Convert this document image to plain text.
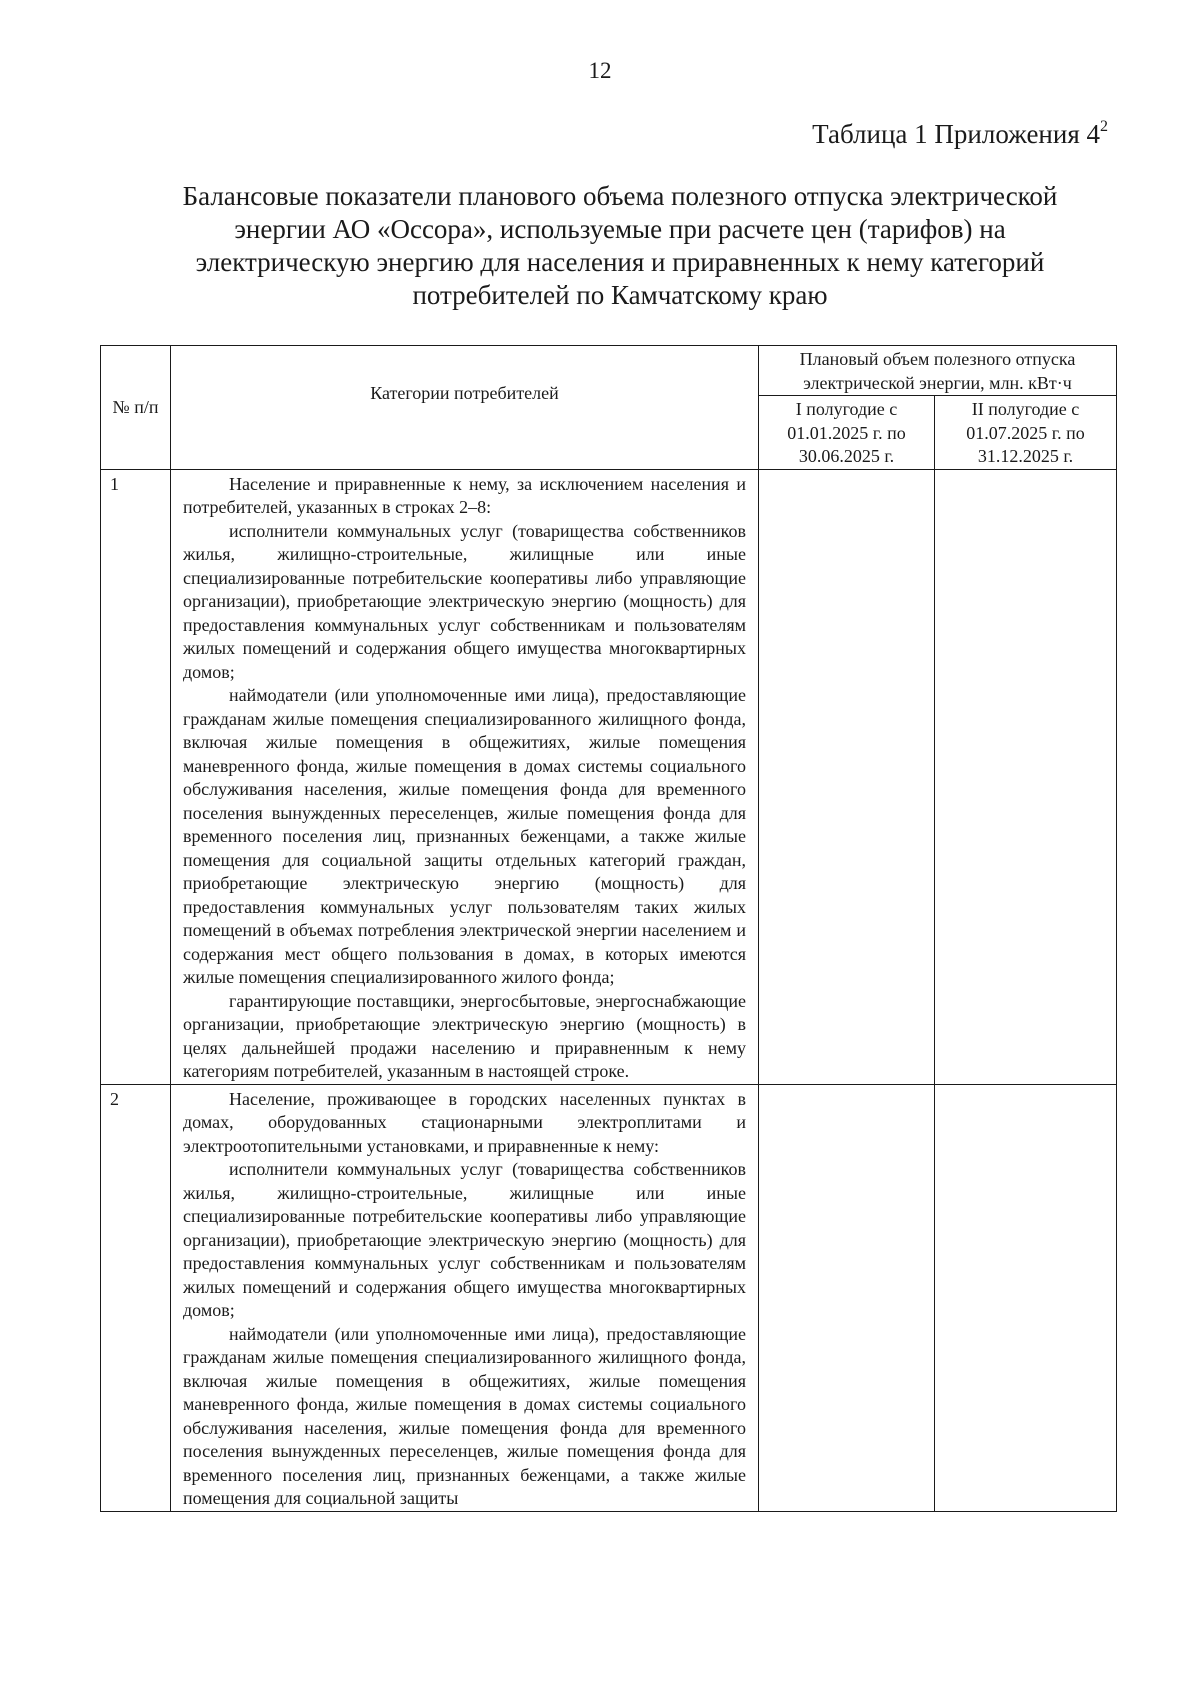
12
Таблица 1 Приложения $4^2$
Балансовые показатели планового объема полезного отпуска электрической
энергии АО «Оссора», используемые при расчете цен (тарифов) на
электрическую энергию для населения и приравненных к нему категорий
потребителей по Камчатскому краю
№ п/п	Категории потребителей	Плановый объем полезного отпуска электрической энергии, млн. кВт·ч	
		I полугодие с 01.01.2025 г. по 30.06.2025 г.	II полугодие с 01.07.2025 г. по 31.12.2025 г.
1	Население и приравненные к нему, за исключением населения и потребителей, указанных в строках 2–8:

исполнители коммунальных услуг (товарищества собственников жилья, жилищно-строительные, жилищные или иные специализированные потребительские кооперативы либо управляющие организации), приобретающие электрическую энергию (мощность) для предоставления коммунальных услуг собственникам и пользователям жилых помещений и содержания общего имущества многоквартирных домов;

наймодатели (или уполномоченные ими лица), предоставляющие гражданам жилые помещения специализированного жилищного фонда, включая жилые помещения в общежитиях, жилые помещения маневренного фонда, жилые помещения в домах системы социального обслуживания населения, жилые помещения фонда для временного поселения вынужденных переселенцев, жилые помещения фонда для временного поселения лиц, признанных беженцами, а также жилые помещения для социальной защиты отдельных категорий граждан, приобретающие электрическую энергию (мощность) для предоставления коммунальных услуг пользователям таких жилых помещений в объемах потребления электрической энергии населением и содержания мест общего пользования в домах, в которых имеются жилые помещения специализированного жилого фонда;

гарантирующие поставщики, энергосбытовые, энергоснабжающие организации, приобретающие электрическую энергию (мощность) в целях дальнейшей продажи населению и приравненным к нему категориям потребителей, указанным в настоящей строке.		

2	Население, проживающее в городских населенных пунктах в домах, оборудованных стационарными электроплитами и электроотопительными установками, и приравненные к нему:

исполнители коммунальных услуг (товарищества собственников жилья, жилищно-строительные, жилищные или иные специализированные потребительские кооперативы либо управляющие организации), приобретающие электрическую энергию (мощность) для предоставления коммунальных услуг собственникам и пользователям жилых помещений и содержания общего имущества многоквартирных домов;

наймодатели (или уполномоченные ими лица), предоставляющие гражданам жилые помещения специализированного жилищного фонда, включая жилые помещения в общежитиях, жилые помещения маневренного фонда, жилые помещения в домах системы социального обслуживания населения, жилые помещения фонда для временного поселения вынужденных переселенцев, жилые помещения фонда для временного поселения лиц, признанных беженцами, а также жилые помещения для социальной защиты		
